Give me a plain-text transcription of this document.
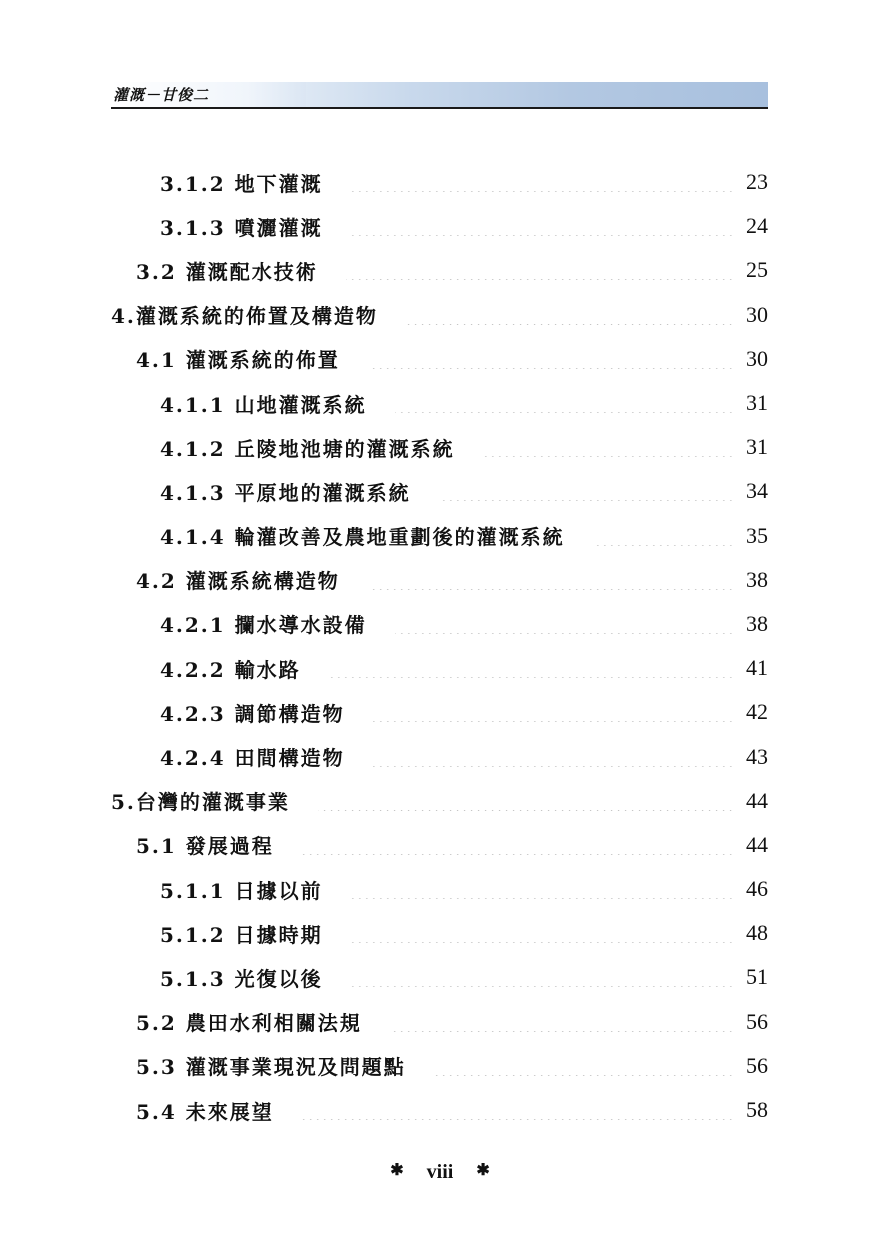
灌溉－甘俊二
3.1.2 地下灌溉	23
3.1.3 噴灑灌溉	24
3.2 灌溉配水技術	25
4.灌溉系統的佈置及構造物	30
4.1 灌溉系統的佈置	30
4.1.1 山地灌溉系統	31
4.1.2 丘陵地池塘的灌溉系統	31
4.1.3 平原地的灌溉系統	34
4.1.4 輪灌改善及農地重劃後的灌溉系統	35
4.2 灌溉系統構造物	38
4.2.1 攔水導水設備	38
4.2.2 輸水路	41
4.2.3 調節構造物	42
4.2.4 田間構造物	43
5.台灣的灌溉事業	44
5.1 發展過程	44
5.1.1 日據以前	46
5.1.2 日據時期	48
5.1.3 光復以後	51
5.2 農田水利相關法規	56
5.3 灌溉事業現況及問題點	56
5.4 未來展望	58
✱ viii ✱
